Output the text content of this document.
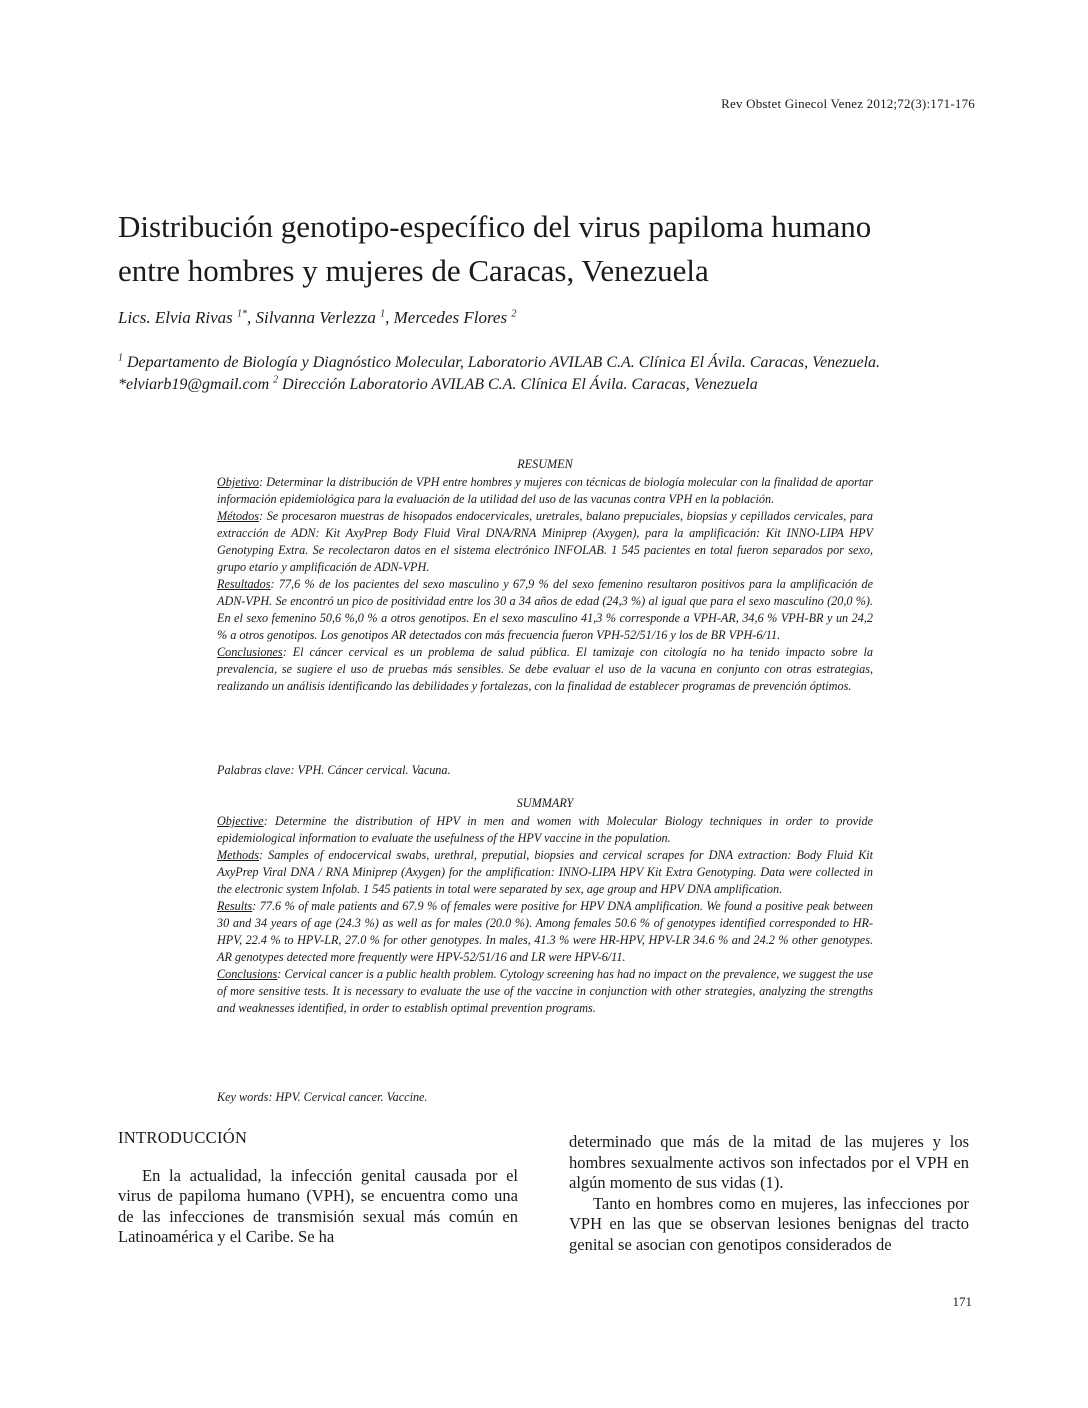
Rev Obstet Ginecol Venez 2012;72(3):171-176
Distribución genotipo-específico del virus papiloma humano
entre hombres y mujeres de Caracas, Venezuela
Lics. Elvia Rivas $^{1*}$, Silvanna Verlezza $^1$, Mercedes Flores $^2$
$^1$ Departamento de Biología y Diagnóstico Molecular, Laboratorio AVILAB C.A. Clínica El Ávila. Caracas, Venezuela. *elviarb19@gmail.com $^2$ Dirección Laboratorio AVILAB C.A. Clínica El Ávila. Caracas, Venezuela
RESUMEN

Objetivo: Determinar la distribución de VPH entre hombres y mujeres con técnicas de biología molecular con la finalidad de aportar información epidemiológica para la evaluación de la utilidad del uso de las vacunas contra VPH en la población.

Métodos: Se procesaron muestras de hisopados endocervicales, uretrales, balano prepuciales, biopsias y cepillados cervicales, para extracción de ADN: Kit AxyPrep Body Fluid Viral DNA/RNA Miniprep (Axygen), para la amplificación: Kit INNO-LIPA HPV Genotyping Extra. Se recolectaron datos en el sistema electrónico INFOLAB. 1 545 pacientes en total fueron separados por sexo, grupo etario y amplificación de ADN-VPH.

Resultados: 77,6 % de los pacientes del sexo masculino y 67,9 % del sexo femenino resultaron positivos para la amplificación de ADN-VPH. Se encontró un pico de positividad entre los 30 a 34 años de edad (24,3 %) al igual que para el sexo masculino (20,0 %). En el sexo femenino 50,6 %,0 % a otros genotipos. En el sexo masculino 41,3 % corresponde a VPH-AR, 34,6 % VPH-BR y un 24,2 % a otros genotipos. Los genotipos AR detectados con más frecuencia fueron VPH-52/51/16 y los de BR VPH-6/11.

Conclusiones: El cáncer cervical es un problema de salud pública. El tamizaje con citología no ha tenido impacto sobre la prevalencia, se sugiere el uso de pruebas más sensibles. Se debe evaluar el uso de la vacuna en conjunto con otras estrategias, realizando un análisis identificando las debilidades y fortalezas, con la finalidad de establecer programas de prevención óptimos.

Palabras clave: VPH. Cáncer cervical. Vacuna.
SUMMARY

Objective: Determine the distribution of HPV in men and women with Molecular Biology techniques in order to provide epidemiological information to evaluate the usefulness of the HPV vaccine in the population.

Methods: Samples of endocervical swabs, urethral, preputial, biopsies and cervical scrapes for DNA extraction: Body Fluid Kit AxyPrep Viral DNA / RNA Miniprep (Axygen) for the amplification: INNO-LIPA HPV Kit Extra Genotyping. Data were collected in the electronic system Infolab. 1 545 patients in total were separated by sex, age group and HPV DNA amplification.

Results: 77.6 % of male patients and 67.9 % of females were positive for HPV DNA amplification. We found a positive peak between 30 and 34 years of age (24.3 %) as well as for males (20.0 %). Among females 50.6 % of genotypes identified corresponded to HR-HPV, 22.4 % to HPV-LR, 27.0 % for other genotypes. In males, 41.3 % were HR-HPV, HPV-LR 34.6 % and 24.2 % other genotypes. AR genotypes detected more frequently were HPV-52/51/16 and LR were HPV-6/11.

Conclusions: Cervical cancer is a public health problem. Cytology screening has had no impact on the prevalence, we suggest the use of more sensitive tests. It is necessary to evaluate the use of the vaccine in conjunction with other strategies, analyzing the strengths and weaknesses identified, in order to establish optimal prevention programs.

Key words: HPV. Cervical cancer. Vaccine.
INTRODUCCIÓN

En la actualidad, la infección genital causada por el virus de papiloma humano (VPH), se encuentra como una de las infecciones de transmisión sexual más común en Latinoamérica y el Caribe. Se ha

determinado que más de la mitad de las mujeres y los hombres sexualmente activos son infectados por el VPH en algún momento de sus vidas (1).

Tanto en hombres como en mujeres, las infecciones por VPH en las que se observan lesiones benignas del tracto genital se asocian con genotipos considerados de

171
